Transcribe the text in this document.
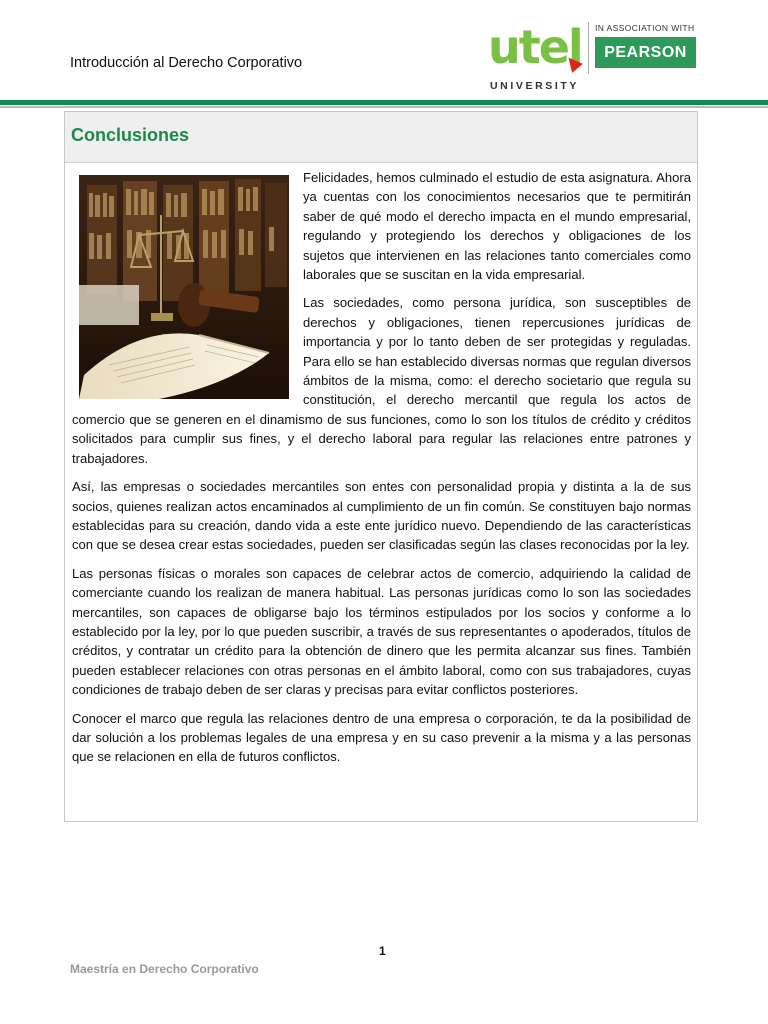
Introducción al Derecho Corporativo	utel
UNIVERSITY
IN ASSOCIATION WITH
PEARSON
Conclusiones

Felicidades, hemos culminado el estudio de esta asignatura. Ahora ya cuentas con los conocimientos necesarios que te permitirán saber de qué modo el derecho impacta en el mundo empresarial, regulando y protegiendo los derechos y obligaciones de los sujetos que intervienen en las relaciones tanto comerciales como laborales que se suscitan en la vida empresarial.

Las sociedades, como persona jurídica, son susceptibles de derechos y obligaciones, tienen repercusiones jurídicas de importancia y por lo tanto deben de ser protegidas y reguladas. Para ello se han establecido diversas normas que regulan diversos ámbitos de la misma, como: el derecho societario que regula su constitución, el derecho mercantil que regula los actos de comercio que se generen en el dinamismo de sus funciones, como lo son los títulos de crédito y créditos solicitados para cumplir sus fines, y el derecho laboral para regular las relaciones entre patrones y trabajadores.

Así, las empresas o sociedades mercantiles son entes con personalidad propia y distinta a la de sus socios, quienes realizan actos encaminados al cumplimiento de un fin común. Se constituyen bajo normas establecidas para su creación, dando vida a este ente jurídico nuevo. Dependiendo de las características con que se desea crear estas sociedades, pueden ser clasificadas según las clases reconocidas por la ley.

Las personas físicas o morales son capaces de celebrar actos de comercio, adquiriendo la calidad de comerciante cuando los realizan de manera habitual. Las personas jurídicas como lo son las sociedades mercantiles, son capaces de obligarse bajo los términos estipulados por los socios y conforme a lo establecido por la ley, por lo que pueden suscribir, a través de sus representantes o apoderados, títulos de créditos, y contratar un crédito para la obtención de dinero que les permita alcanzar sus fines. También pueden establecer relaciones con otras personas en el ámbito laboral, como con sus trabajadores, cuyas condiciones de trabajo deben de ser claras y precisas para evitar conflictos posteriores.

Conocer el marco que regula las relaciones dentro de una empresa o corporación, te da la posibilidad de dar solución a los problemas legales de una empresa y en su caso prevenir a la misma y a las personas que se relacionen en ella de futuros conflictos.

1
Maestría en Derecho Corporativo
